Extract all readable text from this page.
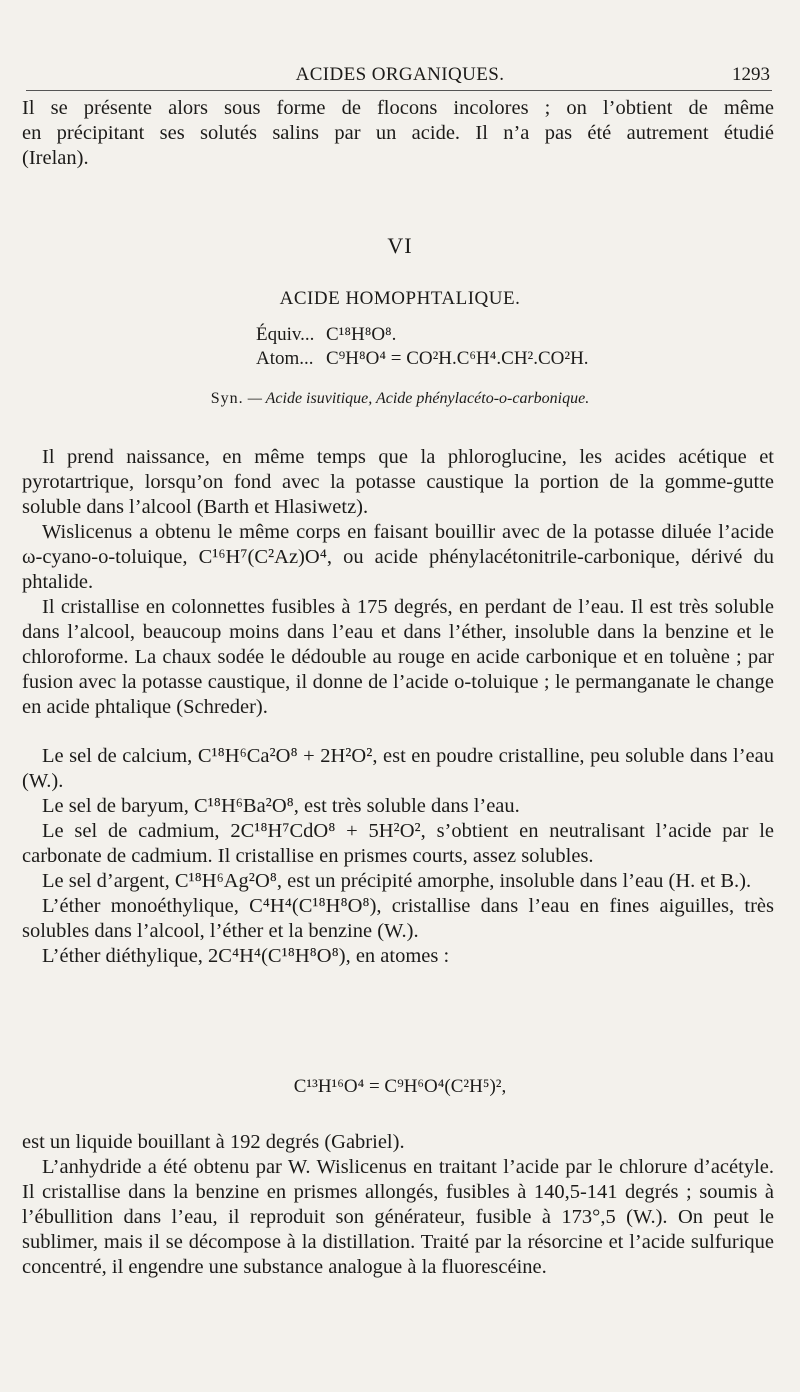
ACIDES ORGANIQUES.	1293
Il se présente alors sous forme de flocons incolores ; on l’obtient de même
en précipitant ses solutés salins par un acide. Il n’a pas été autrement étudié
(Irelan).
VI
ACIDE HOMOPHTALIQUE.
Équiv... C¹⁸H⁸O⁸.
Atom... C⁹H⁸O⁴ = CO²H.C⁶H⁴.CH².CO²H.
Syn. — Acide isuvitique, Acide phénylacéto-o-carbonique.

Il prend naissance, en même temps que la phloroglucine, les acides acétique et pyrotartrique, lorsqu’on fond avec la potasse caustique la portion de la gomme-gutte soluble dans l’alcool (Barth et Hlasiwetz).

Wislicenus a obtenu le même corps en faisant bouillir avec de la potasse diluée l’acide ω-cyano-o-toluique, C¹⁶H⁷(C²Az)O⁴, ou acide phénylacétonitrile-carbonique, dérivé du phtalide.

Il cristallise en colonnettes fusibles à 175 degrés, en perdant de l’eau. Il est très soluble dans l’alcool, beaucoup moins dans l’eau et dans l’éther, insoluble dans la benzine et le chloroforme. La chaux sodée le dédouble au rouge en acide carbonique et en toluène ; par fusion avec la potasse caustique, il donne de l’acide o-toluique ; le permanganate le change en acide phtalique (Schreder).

Le sel de calcium, C¹⁸H⁶Ca²O⁸ + 2H²O², est en poudre cristalline, peu soluble dans l’eau (W.).

Le sel de baryum, C¹⁸H⁶Ba²O⁸, est très soluble dans l’eau.

Le sel de cadmium, 2C¹⁸H⁷CdO⁸ + 5H²O², s’obtient en neutralisant l’acide par le carbonate de cadmium. Il cristallise en prismes courts, assez solubles.

Le sel d’argent, C¹⁸H⁶Ag²O⁸, est un précipité amorphe, insoluble dans l’eau (H. et B.).

L’éther monoéthylique, C⁴H⁴(C¹⁸H⁸O⁸), cristallise dans l’eau en fines aiguilles, très solubles dans l’alcool, l’éther et la benzine (W.).

L’éther diéthylique, 2C⁴H⁴(C¹⁸H⁸O⁸), en atomes :

C¹³H¹⁶O⁴ = C⁹H⁶O⁴(C²H⁵)²,

est un liquide bouillant à 192 degrés (Gabriel).

L’anhydride a été obtenu par W. Wislicenus en traitant l’acide par le chlorure d’acétyle. Il cristallise dans la benzine en prismes allongés, fusibles à 140,5-141 degrés ; soumis à l’ébullition dans l’eau, il reproduit son générateur, fusible à 173°,5 (W.). On peut le sublimer, mais il se décompose à la distillation. Traité par la résorcine et l’acide sulfurique concentré, il engendre une substance analogue à la fluorescéine.
